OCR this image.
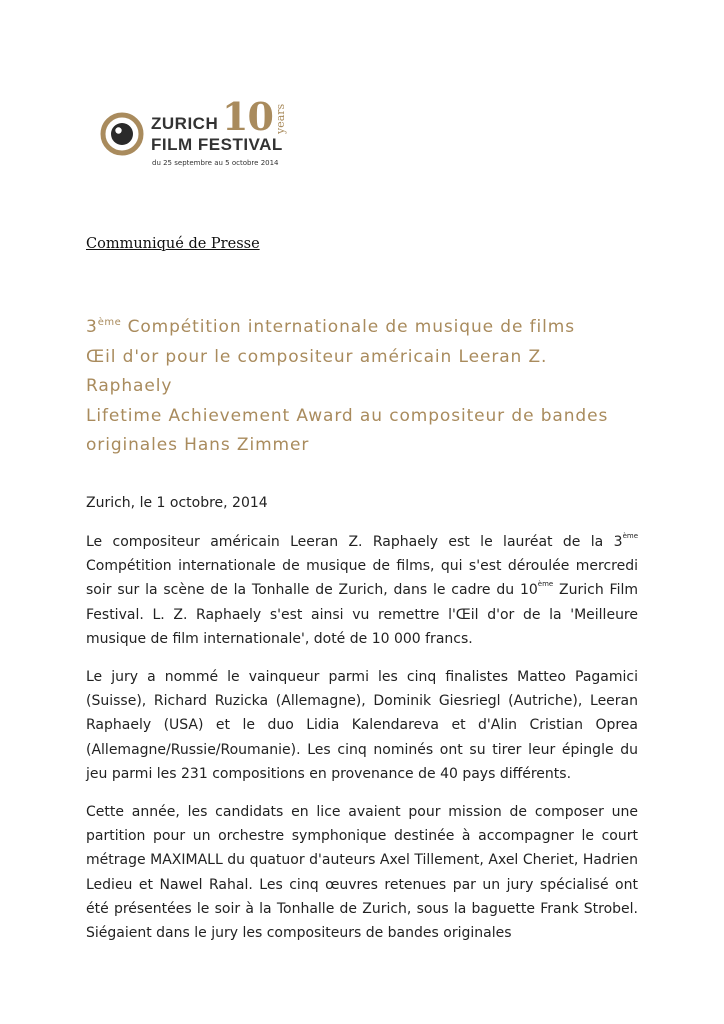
ZURICH
FILM FESTIVAL
10 years
du 25 septembre au 5 octobre 2014
Communiqué de Presse
3ème Compétition internationale de musique de films
Œil d'or pour le compositeur américain Leeran Z.
Raphaely
Lifetime Achievement Award au compositeur de bandes
originales Hans Zimmer
Zurich, le 1 octobre, 2014

Le compositeur américain Leeran Z. Raphaely est le lauréat de la 3ème Compétition internationale de musique de films, qui s'est déroulée mercredi soir sur la scène de la Tonhalle de Zurich, dans le cadre du 10ème Zurich Film Festival. L. Z. Raphaely s'est ainsi vu remettre l'Œil d'or de la 'Meilleure musique de film internationale', doté de 10 000 francs.

Le jury a nommé le vainqueur parmi les cinq finalistes Matteo Pagamici (Suisse), Richard Ruzicka (Allemagne), Dominik Giesriegl (Autriche), Leeran Raphaely (USA) et le duo Lidia Kalendareva et d'Alin Cristian Oprea (Allemagne/Russie/Roumanie). Les cinq nominés ont su tirer leur épingle du jeu parmi les 231 compositions en provenance de 40 pays différents.

Cette année, les candidats en lice avaient pour mission de composer une partition pour un orchestre symphonique destinée à accompagner le court métrage MAXIMALL du quatuor d'auteurs Axel Tillement, Axel Cheriet, Hadrien Ledieu et Nawel Rahal. Les cinq œuvres retenues par un jury spécialisé ont été présentées le soir à la Tonhalle de Zurich, sous la baguette Frank Strobel. Siégaient dans le jury les compositeurs de bandes originales
